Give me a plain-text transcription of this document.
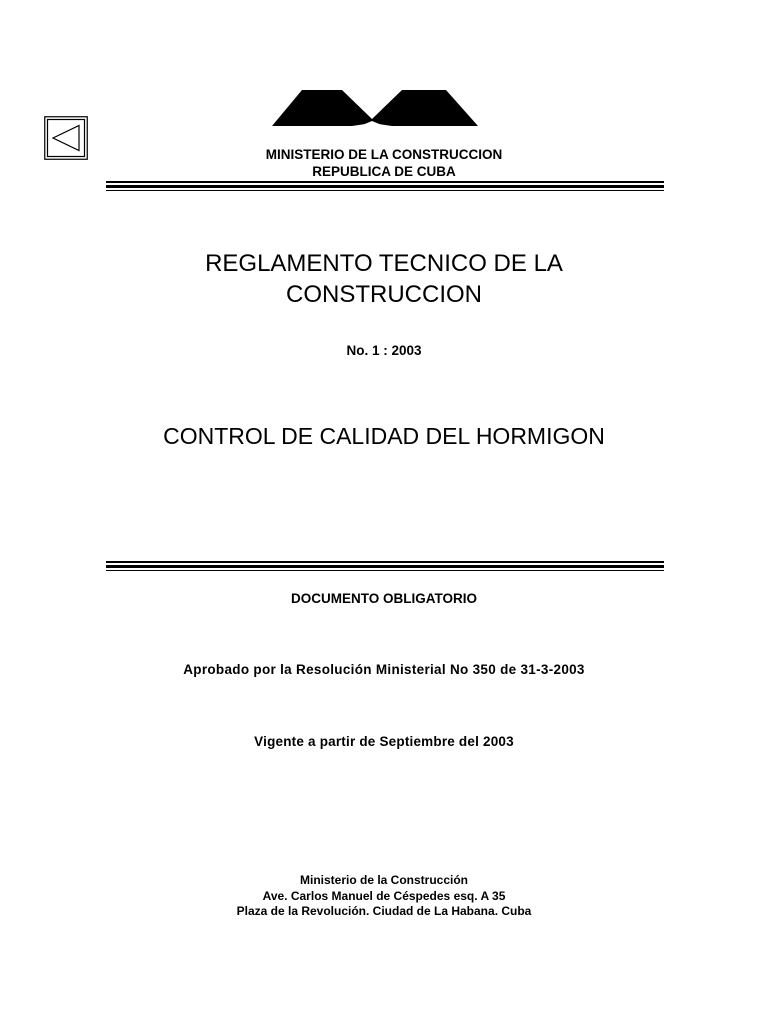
MINISTERIO DE LA CONSTRUCCION
REPUBLICA DE CUBA
REGLAMENTO TECNICO DE LA
CONSTRUCCION
No. 1 : 2003
CONTROL DE CALIDAD DEL HORMIGON
DOCUMENTO OBLIGATORIO
Aprobado por la Resolución Ministerial No 350 de 31-3-2003
Vigente a partir de Septiembre del 2003
Ministerio de la Construcción
Ave. Carlos Manuel de Céspedes esq. A 35
Plaza de la Revolución. Ciudad de La Habana. Cuba
